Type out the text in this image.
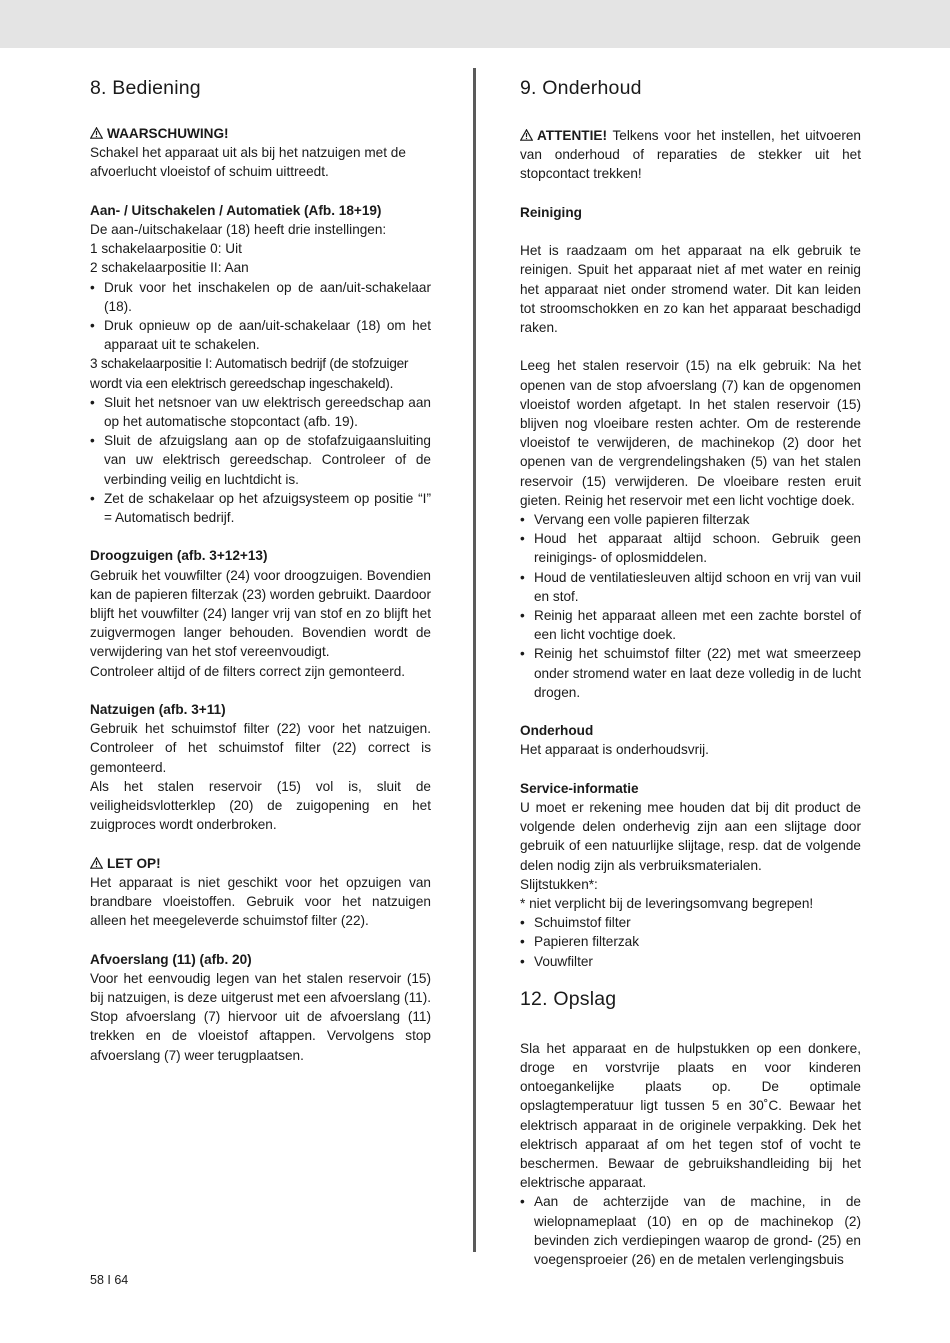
8. Bediening

WAARSCHUWING!

Schakel het apparaat uit als bij het natzuigen met de afvoerlucht vloeistof of schuim uittreedt.

Aan- / Uitschakelen / Automatiek (Afb. 18+19)

De aan-/uitschakelaar (18) heeft drie instellingen:

1 schakelaarpositie 0: Uit

2 schakelaarpositie II: Aan

• Druk voor het inschakelen op de aan/uit-schakelaar (18).
• Druk opnieuw op de aan/uit-schakelaar (18) om het apparaat uit te schakelen.

3 schakelaarpositie I: Automatisch bedrijf (de stofzuiger wordt via een elektrisch gereedschap ingeschakeld).

• Sluit het netsnoer van uw elektrisch gereedschap aan op het automatische stopcontact (afb. 19).
• Sluit de afzuigslang aan op de stofafzuigaansluiting van uw elektrisch gereedschap. Controleer of de verbinding veilig en luchtdicht is.
• Zet de schakelaar op het afzuigsysteem op positie “I” = Automatisch bedrijf.

Droogzuigen (afb. 3+12+13)

Gebruik het vouwfilter (24) voor droogzuigen. Bovendien kan de papieren filterzak (23) worden gebruikt. Daardoor blijft het vouwfilter (24) langer vrij van stof en zo blijft het zuigvermogen langer behouden. Bovendien wordt de verwijdering van het stof vereenvoudigt.

Controleer altijd of de filters correct zijn gemonteerd.

Natzuigen (afb. 3+11)

Gebruik het schuimstof filter (22) voor het natzuigen. Controleer of het schuimstof filter (22) correct is gemonteerd.

Als het stalen reservoir (15) vol is, sluit de veiligheidsvlotterklep (20) de zuigopening en het zuigproces wordt onderbroken.

LET OP!

Het apparaat is niet geschikt voor het opzuigen van brandbare vloeistoffen. Gebruik voor het natzuigen alleen het meegeleverde schuimstof filter (22).

Afvoerslang (11) (afb. 20)

Voor het eenvoudig legen van het stalen reservoir (15) bij natzuigen, is deze uitgerust met een afvoerslang (11). Stop afvoerslang (7) hiervoor uit de afvoerslang (11) trekken en de vloeistof aftappen. Vervolgens stop afvoerslang (7) weer terugplaatsen.

9. Onderhoud

ATTENTIE! Telkens voor het instellen, het uitvoeren van onderhoud of reparaties de stekker uit het stopcontact trekken!

Reiniging

Het is raadzaam om het apparaat na elk gebruik te reinigen. Spuit het apparaat niet af met water en reinig het apparaat niet onder stromend water. Dit kan leiden tot stroomschokken en zo kan het apparaat beschadigd raken.

Leeg het stalen reservoir (15) na elk gebruik: Na het openen van de stop afvoerslang (7) kan de opgenomen vloeistof worden afgetapt. In het stalen reservoir (15) blijven nog vloeibare resten achter. Om de resterende vloeistof te verwijderen, de machinekop (2) door het openen van de vergrendelingshaken (5) van het stalen reservoir (15) verwijderen. De vloeibare resten eruit gieten. Reinig het reservoir met een licht vochtige doek.

• Vervang een volle papieren filterzak
• Houd het apparaat altijd schoon. Gebruik geen reinigings- of oplosmiddelen.
• Houd de ventilatiesleuven altijd schoon en vrij van vuil en stof.
• Reinig het apparaat alleen met een zachte borstel of een licht vochtige doek.
• Reinig het schuimstof filter (22) met wat smeerzeep onder stromend water en laat deze volledig in de lucht drogen.

Onderhoud

Het apparaat is onderhoudsvrij.

Service-informatie

U moet er rekening mee houden dat bij dit product de volgende delen onderhevig zijn aan een slijtage door gebruik of een natuurlijke slijtage, resp. dat de volgende delen nodig zijn als verbruiksmaterialen.

Slijtstukken*:

* niet verplicht bij de leveringsomvang begrepen!

• Schuimstof filter
• Papieren filterzak
• Vouwfilter
12. Opslag

Sla het apparaat en de hulpstukken op een donkere, droge en vorstvrije plaats en voor kinderen ontoegankelijke plaats op. De optimale opslagtemperatuur ligt tussen 5 en 30˚C. Bewaar het elektrisch apparaat in de originele verpakking. Dek het elektrisch apparaat af om het tegen stof of vocht te beschermen. Bewaar de gebruikshandleiding bij het elektrische apparaat.

• Aan de achterzijde van de machine, in de wielopnameplaat (10) en op de machinekop (2) bevinden zich verdiepingen waarop de grond- (25) en voegensproeier (26) en de metalen verlengingsbuis
58 I 64
